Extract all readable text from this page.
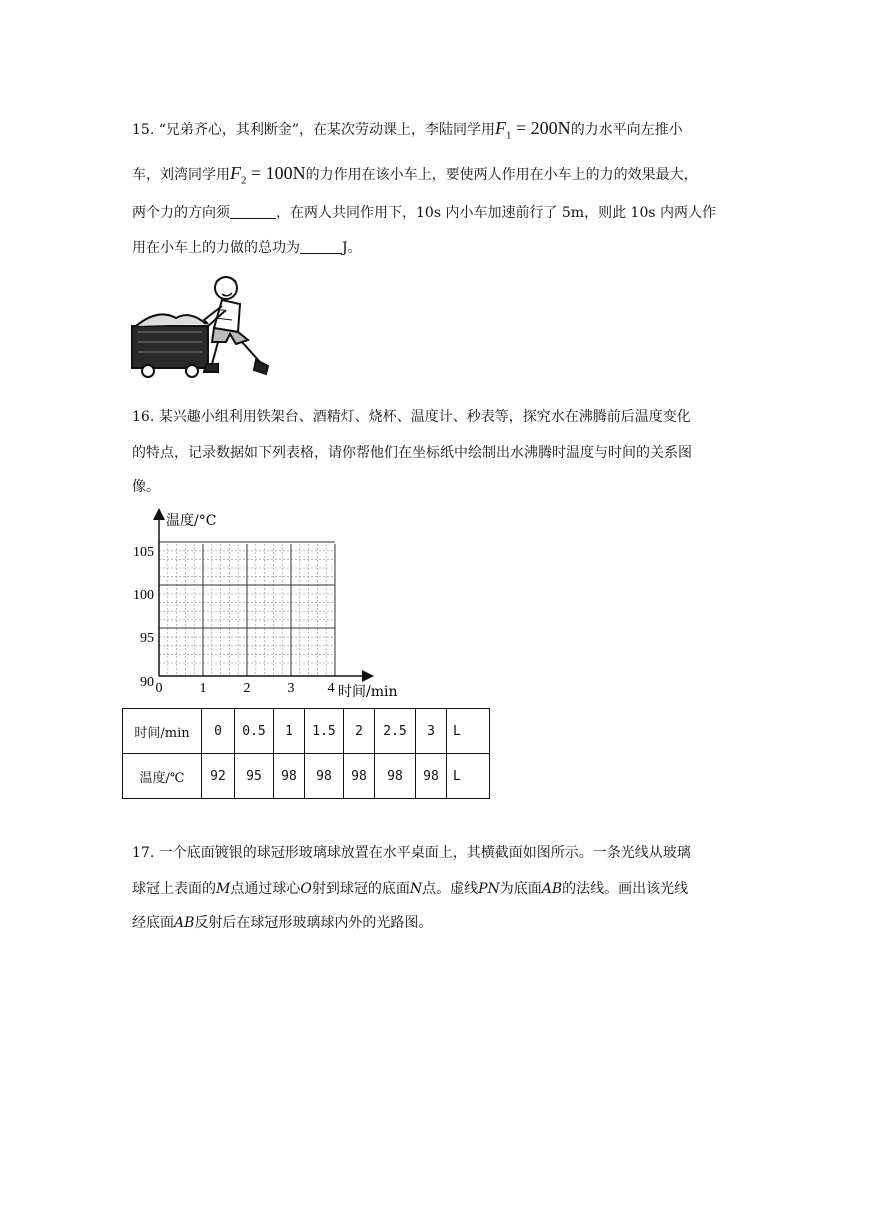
15. “兄弟齐心，其利断金”，在某次劳动课上，李陆同学用$F_1 = 200N$的力水平向左推小
车，刘湾同学用$F_2 = 100N$的力作用在该小车上，要使两人作用在小车上的力的效果最大，
两个力的方向须	，在两人共同作用下，10s 内小车加速前行了 5m，则此 10s 内两人作
用在小车上的力做的总功为	J。
16. 某兴趣小组利用铁架台、酒精灯、烧杯、温度计、秒表等，探究水在沸腾前后温度变化
的特点，记录数据如下列表格，请你帮他们在坐标纸中绘制出水沸腾时温度与时间的关系图
像。
温度/°C
时间/min
105
100
95
90 0	1	2	3 4
时间/min	0	0.5	1	1.5	2	2.5	3	L
温度/℃	92	95	98	98	98	98	98	L
17. 一个底面镀银的球冠形玻璃球放置在水平桌面上，其横截面如图所示。一条光线从玻璃
球冠上表面的M点通过球心O射到球冠的底面N点。虚线PN为底面AB的法线。画出该光线
经底面AB反射后在球冠形玻璃球内外的光路图。
